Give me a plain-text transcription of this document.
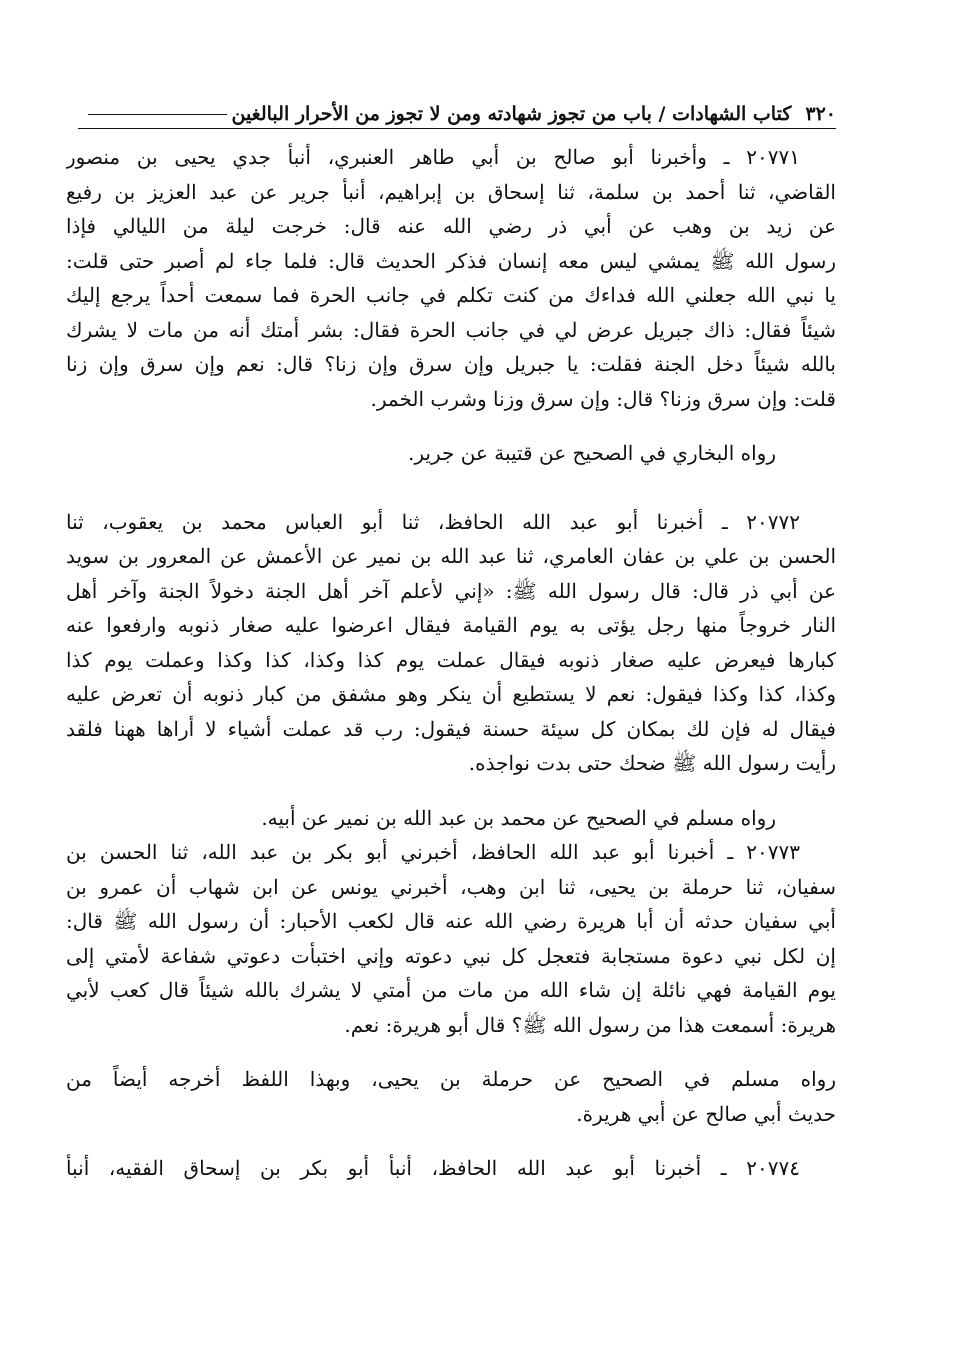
٣٢٠
كتاب الشهادات / باب من تجوز شهادته ومن لا تجوز من الأحرار البالغين
٢٠٧٧١ ـ وأخبرنا أبو صالح بن أبي طاهر العنبري، أنبأ جدي يحيى بن منصور
القاضي، ثنا أحمد بن سلمة، ثنا إسحاق بن إبراهيم، أنبأ جرير عن عبد العزيز بن رفيع
عن زيد بن وهب عن أبي ذر رضي الله عنه قال: خرجت ليلة من الليالي فإذا
رسول الله ﷺ يمشي ليس معه إنسان فذكر الحديث قال: فلما جاء لم أصبر حتى قلت:
يا نبي الله جعلني الله فداءك من كنت تكلم في جانب الحرة فما سمعت أحداً يرجع إليك
شيئاً فقال: ذاك جبريل عرض لي في جانب الحرة فقال: بشر أمتك أنه من مات لا يشرك
بالله شيئاً دخل الجنة فقلت: يا جبريل وإن سرق وإن زنا؟ قال: نعم وإن سرق وإن زنا
قلت: وإن سرق وزنا؟ قال: وإن سرق وزنا وشرب الخمر.
رواه البخاري في الصحيح عن قتيبة عن جرير.
٢٠٧٧٢ ـ أخبرنا أبو عبد الله الحافظ، ثنا أبو العباس محمد بن يعقوب، ثنا
الحسن بن علي بن عفان العامري، ثنا عبد الله بن نمير عن الأعمش عن المعرور بن سويد
عن أبي ذر قال: قال رسول الله ﷺ: «إني لأعلم آخر أهل الجنة دخولاً الجنة وآخر أهل
النار خروجاً منها رجل يؤتى به يوم القيامة فيقال اعرضوا عليه صغار ذنوبه وارفعوا عنه
كبارها فيعرض عليه صغار ذنوبه فيقال عملت يوم كذا وكذا، كذا وكذا وعملت يوم كذا
وكذا، كذا وكذا فيقول: نعم لا يستطيع أن ينكر وهو مشفق من كبار ذنوبه أن تعرض عليه
فيقال له فإن لك بمكان كل سيئة حسنة فيقول: رب قد عملت أشياء لا أراها ههنا فلقد
رأيت رسول الله ﷺ ضحك حتى بدت نواجذه.
رواه مسلم في الصحيح عن محمد بن عبد الله بن نمير عن أبيه.
٢٠٧٧٣ ـ أخبرنا أبو عبد الله الحافظ، أخبرني أبو بكر بن عبد الله، ثنا الحسن بن
سفيان، ثنا حرملة بن يحيى، ثنا ابن وهب، أخبرني يونس عن ابن شهاب أن عمرو بن
أبي سفيان حدثه أن أبا هريرة رضي الله عنه قال لكعب الأحبار: أن رسول الله ﷺ قال:
إن لكل نبي دعوة مستجابة فتعجل كل نبي دعوته وإني اختبأت دعوتي شفاعة لأمتي إلى
يوم القيامة فهي نائلة إن شاء الله من مات من أمتي لا يشرك بالله شيئاً قال كعب لأبي
هريرة: أسمعت هذا من رسول الله ﷺ؟ قال أبو هريرة: نعم.
رواه مسلم في الصحيح عن حرملة بن يحيى، وبهذا اللفظ أخرجه أيضاً من
حديث أبي صالح عن أبي هريرة.
٢٠٧٧٤ ـ أخبرنا أبو عبد الله الحافظ، أنبأ أبو بكر بن إسحاق الفقيه، أنبأ
